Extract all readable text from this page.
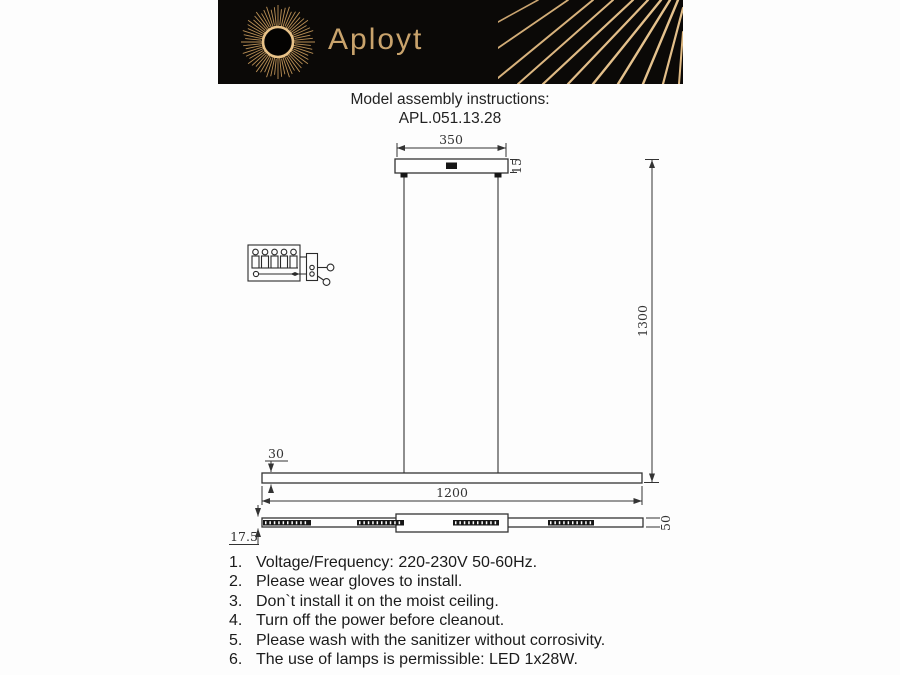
Aployt
Model assembly instructions:
APL.051.13.28
350
15
1300
30
1200
17.5
50
1. Voltage/Frequency: 220-230V 50-60Hz.
2. Please wear gloves to install.
3. Don`t install it on the moist ceiling.
4. Turn off the power before cleanout.
5. Please wash with the sanitizer without corrosivity.
6. The use of lamps is permissible: LED 1x28W.
